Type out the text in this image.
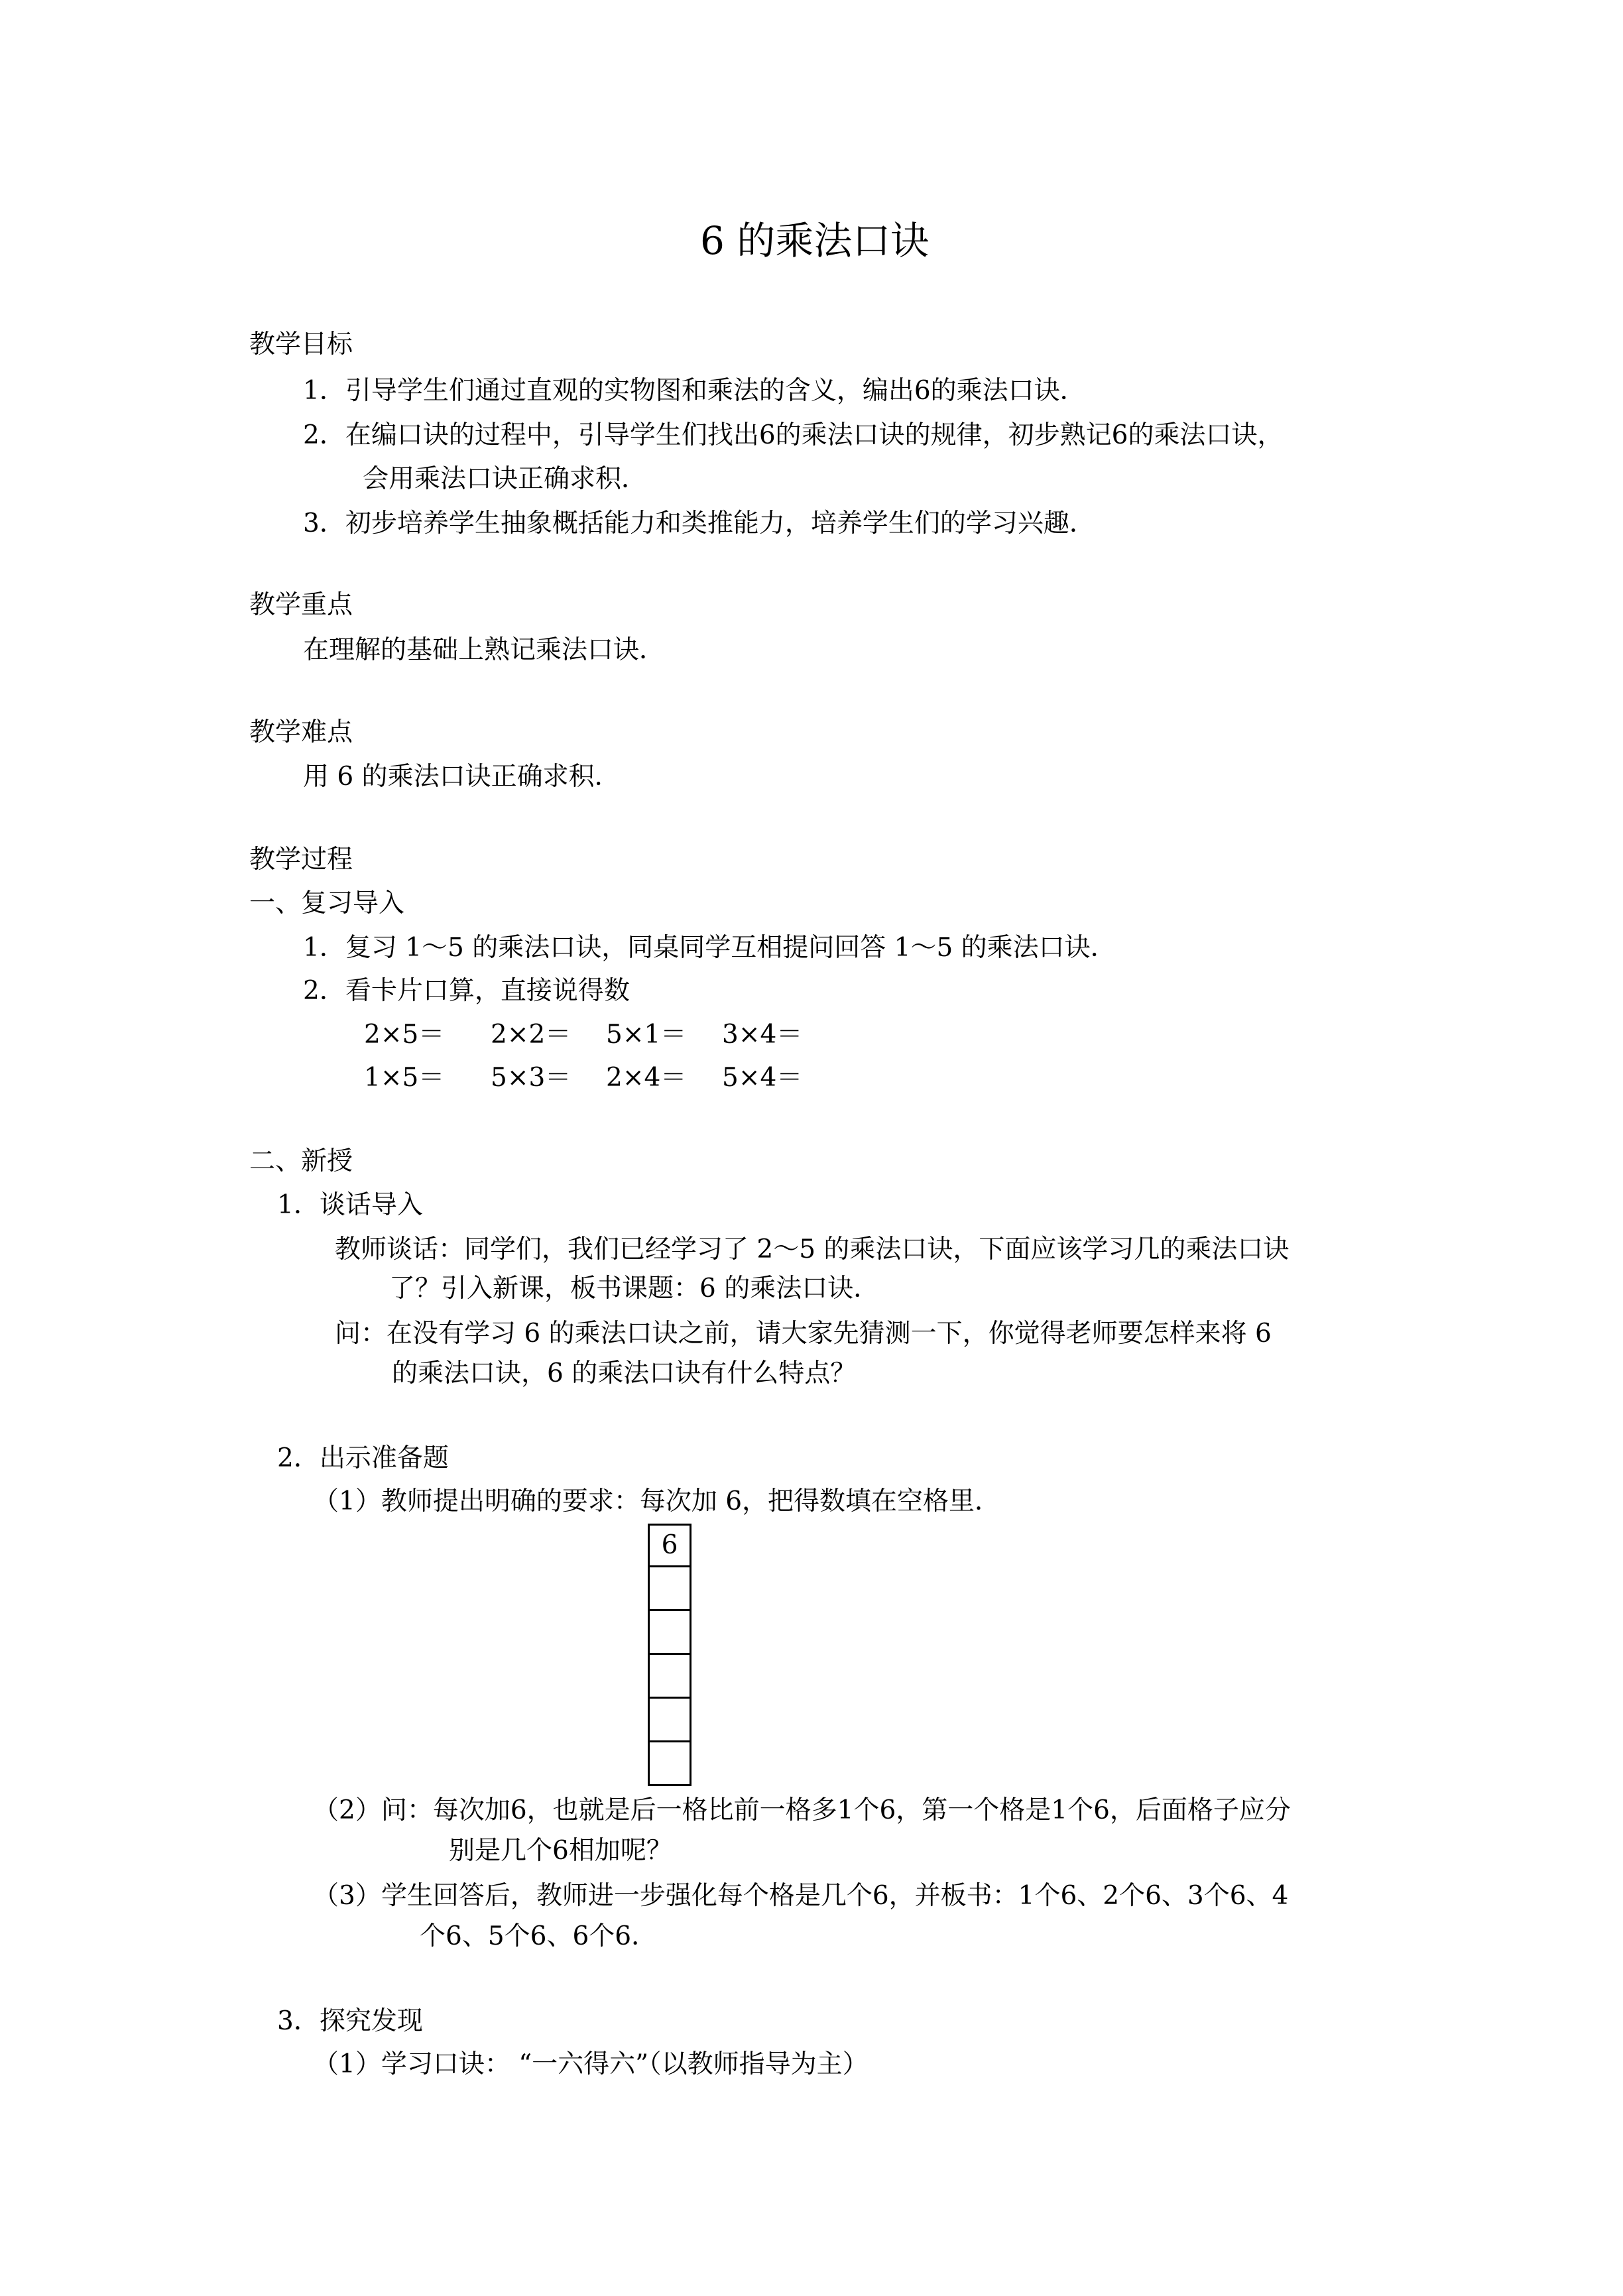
6 的乘法口诀
教学目标
1．引导学生们通过直观的实物图和乘法的含义，编出6的乘法口诀．
2．在编口诀的过程中，引导学生们找出6的乘法口诀的规律，初步熟记6的乘法口诀，
会用乘法口诀正确求积．
3．初步培养学生抽象概括能力和类推能力，培养学生们的学习兴趣．
教学重点
在理解的基础上熟记乘法口诀．
教学难点
用 6 的乘法口诀正确求积．
教学过程
一、复习导入
1．复习 1～5 的乘法口诀，同桌同学互相提问回答 1～5 的乘法口诀．
2．看卡片口算，直接说得数
2×5＝ 2×2＝ 5×1＝ 3×4＝
1×5＝ 5×3＝ 2×4＝ 5×4＝
二、新授
1．谈话导入
教师谈话：同学们，我们已经学习了 2～5 的乘法口诀，下面应该学习几的乘法口诀
了？引入新课，板书课题：6 的乘法口诀．
问：在没有学习 6 的乘法口诀之前，请大家先猜测一下，你觉得老师要怎样来将 6
的乘法口诀，6 的乘法口诀有什么特点？
2．出示准备题
（1）教师提出明确的要求：每次加 6，把得数填在空格里．
6
（2）问：每次加6，也就是后一格比前一格多1个6，第一个格是1个6，后面格子应分
别是几个6相加呢？
（3）学生回答后，教师进一步强化每个格是几个6，并板书：1个6、2个6、3个6、4
个6、5个6、6个6．
3．探究发现
（1）学习口诀： “一六得六”（以教师指导为主）
